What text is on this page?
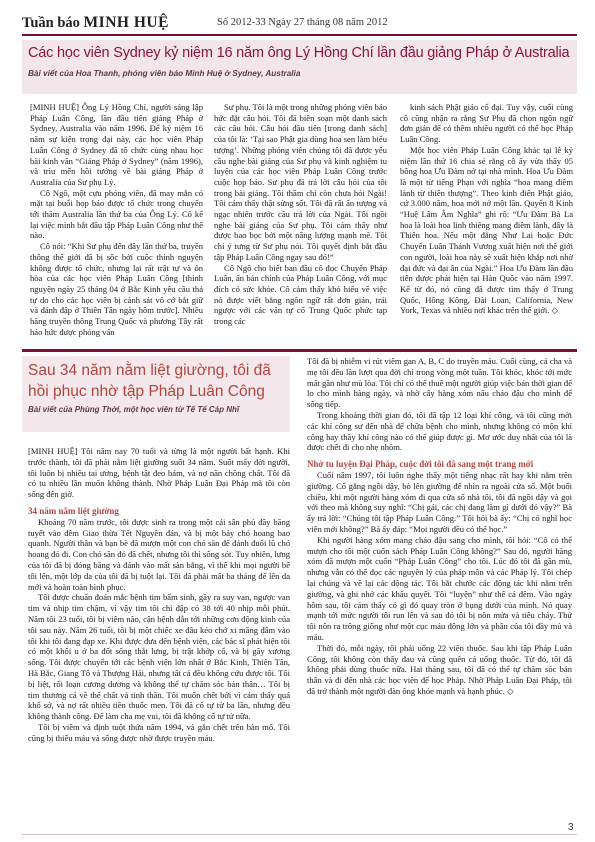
Tuần báo MINH HUỆ	Số 2012-33 Ngày 27 tháng 08 năm 2012
Các học viên Sydney kỷ niệm 16 năm ông Lý Hồng Chí lần đầu giảng Pháp ở Australia
Bài viết của Hoa Thanh, phóng viên báo Minh Huệ ở Sydney, Australia

[MINH HUỆ] Ông Lý Hồng Chí, người sáng lập Pháp Luân Công, lần đầu tiên giảng Pháp ở Sydney, Australia vào năm 1996. Để kỷ niệm 16 năm sự kiện trọng đại này, các học viên Pháp Luân Công ở Sydney đã tổ chức cùng nhau học bài kinh văn “Giảng Pháp ở Sydney” (năm 1996), và trìu mến hồi tưởng về bài giảng Pháp ở Australia của Sư phụ Lý.

Cô Ngô, một cựu phóng viên, đã may mắn có mặt tại buổi họp báo được tổ chức trong chuyến tới thăm Australia lần thứ ba của Ông Lý. Cô kể lại việc mình bắt đầu tập Pháp Luân Công như thế nào.

Cô nói: “Khi Sư phụ đến đây lần thứ ba, truyền thông thế giới đã bị sốc bởi cuộc thỉnh nguyện không được tổ chức, nhưng lại rất trật tự và ôn hòa của các học viên Pháp Luân Công [thỉnh nguyện ngày 25 tháng 04 ở Bắc Kinh yêu cầu thả tự do cho các học viên bị cảnh sát vô cớ bắt giữ và đánh đập ở Thiên Tân ngày hôm trước]. Nhiều hãng truyền thông Trung Quốc và phương Tây rất háo hức được phỏng vấn

Sư phụ. Tôi là một trong những phóng viên báo hức đặt câu hỏi. Tôi đã biên soạn một danh sách các câu hỏi. Câu hỏi đầu tiên [trong danh sách] của tôi là: ‘Tại sao Phật gia dùng hoa sen làm biểu tượng’. Những phóng viên chúng tôi đã được yêu cầu nghe bài giảng của Sư phụ và kinh nghiệm tu luyện của các học viên Pháp Luân Công trước cuộc họp báo. Sư phụ đã trả lời câu hỏi của tôi trong bài giảng. Tôi thầm chỉ còn chưa hỏi Ngài! Tôi cảm thấy thật sửng sốt. Tôi đã rất ấn tượng và ngạc nhiên trước cầu trả lời của Ngài. Tôi ngồi nghe bài giảng của Sư phụ. Tôi cảm thấy như được bao bọc bởi một năng lượng mạnh mẽ. Tôi chỉ ý tưng từ Sư phụ nói. Tôi quyết định bắt đầu tập Pháp Luân Công ngay sau đó!”

Cô Ngô cho biết ban đầu cô đọc Chuyển Pháp Luân, ấn bản chính của Pháp Luân Công, với mục đích có sức khỏe. Cô cảm thấy khó hiểu về việc nó được viết bằng ngôn ngữ rất đơn giản, trái ngược với các văn tự cổ Trung Quốc phức tạp trong các

kinh sách Phật giáo cổ đại. Tuy vậy, cuối cùng cô cũng nhận ra rằng Sư Phụ đã chọn ngôn ngữ đơn giản để có thêm nhiều người có thể học Pháp Luân Công.

Một học viên Pháp Luân Công khác tại lễ kỷ niệm lần thứ 16 chia sẻ rằng cô ấy vừa thấy 05 bông hoa Ưu Đàm nở tại nhà mình. Hoa Ưu Đàm là một từ tiếng Phạn với nghĩa “hoa mang điềm lành từ thiên thượng”. Theo kinh điển Phật giáo, cứ 3.000 năm, hoa mới nở một lần. Quyển 8 Kinh “Huệ Lâm Âm Nghĩa” ghi rõ: “Ưu Đàm Bà La hoa là loài hoa linh thiêng mang điềm lành, đây là Thiên hoa. Nếu một đẳng Như Lai hoặc Đức Chuyển Luân Thánh Vương xuất hiện nơi thế giới con người, loài hoa này sẽ xuất hiện khắp nơi nhờ đại đức và đại ân của Ngài.” Hoa Ưu Đàm lần đầu tiên được phát hiện tại Hàn Quốc vào năm 1997. Kể từ đó, nó cũng đã được tìm thấy ở Trung Quốc, Hồng Kông, Đài Loan, California, New York, Texas và nhiều nơi khác trên thế giới. ◇

Sau 34 năm nằm liệt giường, tôi đã hồi phục nhờ tập Pháp Luân Công
Bài viết của Phùng Thời, một học viên từ Tế Tế Cáp Nhĩ

[MINH HUỆ] Tôi năm nay 70 tuổi và từng là một người bất hạnh. Khi trước thành, tôi đã phải nằm liệt giường suốt 34 năm. Suốt mấy đời người, tôi luôn bị nhiều tai ương, bệnh tật đeo bám, và nợ nần chồng chất. Tôi đã có tu nhiều lần muốn không thành. Nhờ Pháp Luân Đại Pháp mà tôi còn sống đến giờ.

34 năm nằm liệt giường

Khoảng 70 năm trước, tôi được sinh ra trong một cái sân phủ đầy băng tuyết vào đêm Giao thừa Tết Nguyên đán, và bị một bảy chó hoang bao quanh. Người thân và bạn bè đã mượn một con chó săn để đánh đuổi lũ chó hoang đó đi. Con chó săn đó đã chết, nhưng tôi thì sống sót. Tuy nhiên, lưng của tôi đã bị đóng băng và đánh vào mất sàn bằng, vì thế khi mọi người bế tôi lên, một lớp da của tôi đã bị tuột lại. Tôi đã phải mất ba tháng để lên da mới và hoàn toàn bình phục.

Tôi được chuẩn đoán mắc bệnh tim bẩm sinh, gầy ra suy van, ngược van tim và nhịp tim chậm, vì vậy tim tôi chỉ đập có 38 tới 40 nhịp mỗi phút. Năm tôi 23 tuổi, tôi bị viêm não, cận bệnh dẫn tới những cơn động kinh của tôi sau này. Năm 26 tuổi, tôi bị một chiếc xe đâu kéo chở xi măng đâm vào tôi khi tôi đang đạp xe. Khi được đưa đến bệnh viện, các bác sĩ phát hiện tôi có một khối u ở ba đốt sống thắt lưng, bị trật khớp cổ, và bị gãy xương sống. Tôi được chuyển tới các bệnh viện lớn nhất ở Bắc Kinh, Thiên Tân, Hà Bắc, Giang Tô và Thượng Hải, nhưng tất cả đều không cứu được tôi. Tôi bị liệt, rối loạn cương dương và không thể tự chăm sóc bản thân… Tôi bị tim thương cả về thể chất và tinh thần. Tôi muốn chết bởi vì cảm thấy quá khổ sở, và nợ rất nhiều tiền thuốc men. Tôi đã cố tự tử ba lần, nhưng đều không thành công. Để làm cha mẹ vui, tôi đã không cố tự tử nữa.

Tôi bị viêm và định tuột thứa năm 1994, và gắn chết trên bàn mổ. Tôi cũng bị thiếu máu và sống được nhờ được truyền máu.

Tôi đã bị nhiễm vi rút viêm gan A, B, C do truyền máu. Cuối cùng, cả cha và mẹ tôi đều lần lượt qua đời chỉ trong vòng một tuần. Tôi khóc, khóc tới mức mất gần như mù lòa. Tôi chỉ có thể thuê một người giúp việc bán thời gian để lo cho mình hàng ngày, và nhờ cây hàng xóm nấu cháo đậu cho mình để sống tiếp.

Trong khoảng thời gian đó, tôi đã tập 12 loại khí công, và tôi cũng mời các khí công sư đến nhà để chữa bệnh cho mình, nhưng không có môn khí công hay thầy khí công nào có thể giúp được gì. Mơ ước duy nhất của tôi là được chết đi cho nhẹ nhõm.

Nhờ tu luyện Đại Pháp, cuộc đời tôi đã sang một trang mới

Cuối năm 1997, tôi luôn nghe thấy một tiếng nhạc rất hay khi nằm trên giường. Cố gắng ngồi dậy, bò lên giường để nhìn ra ngoài cửa sổ. Một buổi chiều, khi một người hàng xóm đi qua cửa sổ nhà tôi, tôi đã ngồi dậy và gọi với theo mà không suy nghĩ: “Chị gái, các chị đang làm gì dưới đó vậy?” Bà ấy trả lời: “Chúng tôi tập Pháp Luân Công.” Tôi hỏi bà ấy: “Chị có nghĩ học viên mới không?” Bà ấy đáp: “Mọi người đều có thể học.”

Khi người hàng xóm mang cháo đậu sang cho mình, tôi hỏi: “Cô có thể mượn cho tôi một cuốn sách Pháp Luân Công không?” Sau đó, người hàng xóm đã mượn một cuốn “Pháp Luân Công” cho tôi. Lúc đó tôi đã gần mù, nhưng vẫn có thể đọc các nguyên lý của pháp môn và các Pháp lý. Tôi chép lại chúng và về lại các động tác. Tôi bắt chước các động tác khi nằm trên giường, và ghi nhớ các khẩu quyết. Tôi “luyện” như thế cả đêm. Vào ngày hôm sau, tôi cảm thấy có gì đó quay tròn ở bụng dưới của mình. Nó quay mạnh tới mức người tôi run lên và sau đó tôi bị nôn mửa và tiêu chảy. Thứ tôi nôn ra trông giống như một cục máu đông lớn và phân của tôi đầy mủ và máu.

Thời đó, mỗi ngày, tôi phải uống 22 viên thuốc. Sau khi tập Pháp Luân Công, tôi không còn thấy đau và cũng quên cả uống thuốc. Từ đó, tôi đã không phải dùng thuốc nữa. Hai tháng sau, tôi đã có thể tự chăm sóc bản thân và đi đến nhà các học viên để học Pháp. Nhờ Pháp Luân Đại Pháp, tôi đã trở thành một người đàn ông khỏe mạnh và hạnh phúc. ◇

3
